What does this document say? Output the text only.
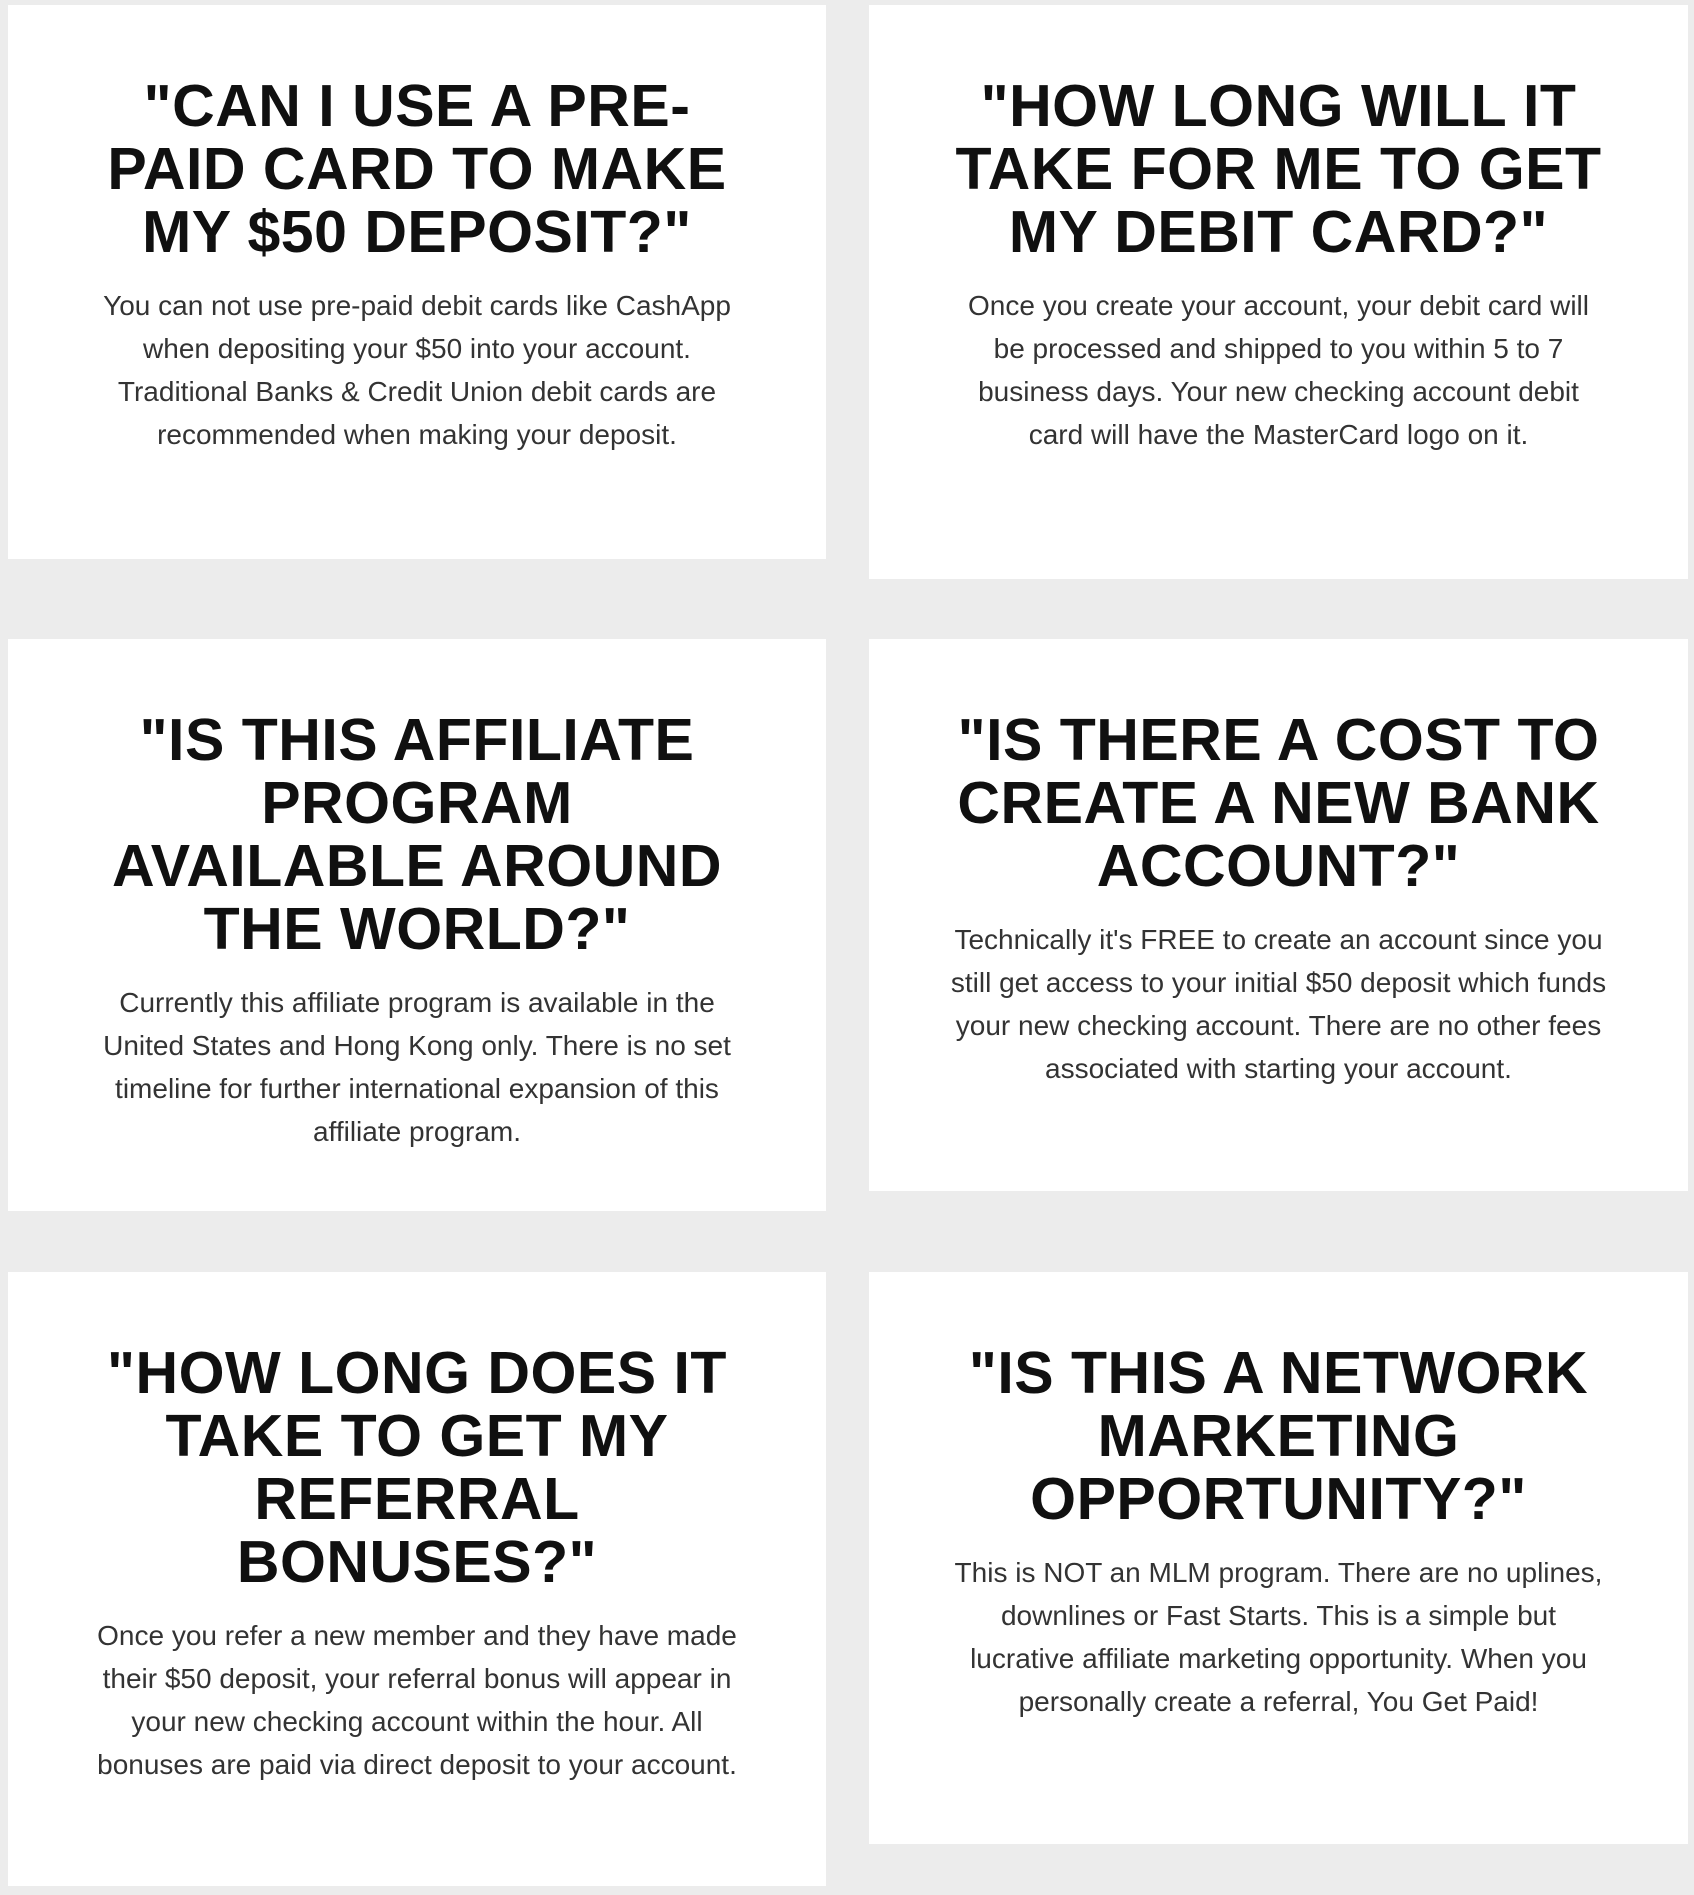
"CAN I USE A PRE-PAID CARD TO MAKE MY $50 DEPOSIT?"

You can not use pre-paid debit cards like CashApp when depositing your $50 into your account. Traditional Banks & Credit Union debit cards are recommended when making your deposit.

"HOW LONG WILL IT TAKE FOR ME TO GET MY DEBIT CARD?"

Once you create your account, your debit card will be processed and shipped to you within 5 to 7 business days. Your new checking account debit card will have the MasterCard logo on it.

"IS THIS AFFILIATE PROGRAM AVAILABLE AROUND THE WORLD?"

Currently this affiliate program is available in the United States and Hong Kong only. There is no set timeline for further international expansion of this affiliate program.

"IS THERE A COST TO CREATE A NEW BANK ACCOUNT?"

Technically it's FREE to create an account since you still get access to your initial $50 deposit which funds your new checking account. There are no other fees associated with starting your account.

"HOW LONG DOES IT TAKE TO GET MY REFERRAL BONUSES?"

Once you refer a new member and they have made their $50 deposit, your referral bonus will appear in your new checking account within the hour. All bonuses are paid via direct deposit to your account.

"IS THIS A NETWORK MARKETING OPPORTUNITY?"

This is NOT an MLM program. There are no uplines, downlines or Fast Starts. This is a simple but lucrative affiliate marketing opportunity. When you personally create a referral, You Get Paid!
